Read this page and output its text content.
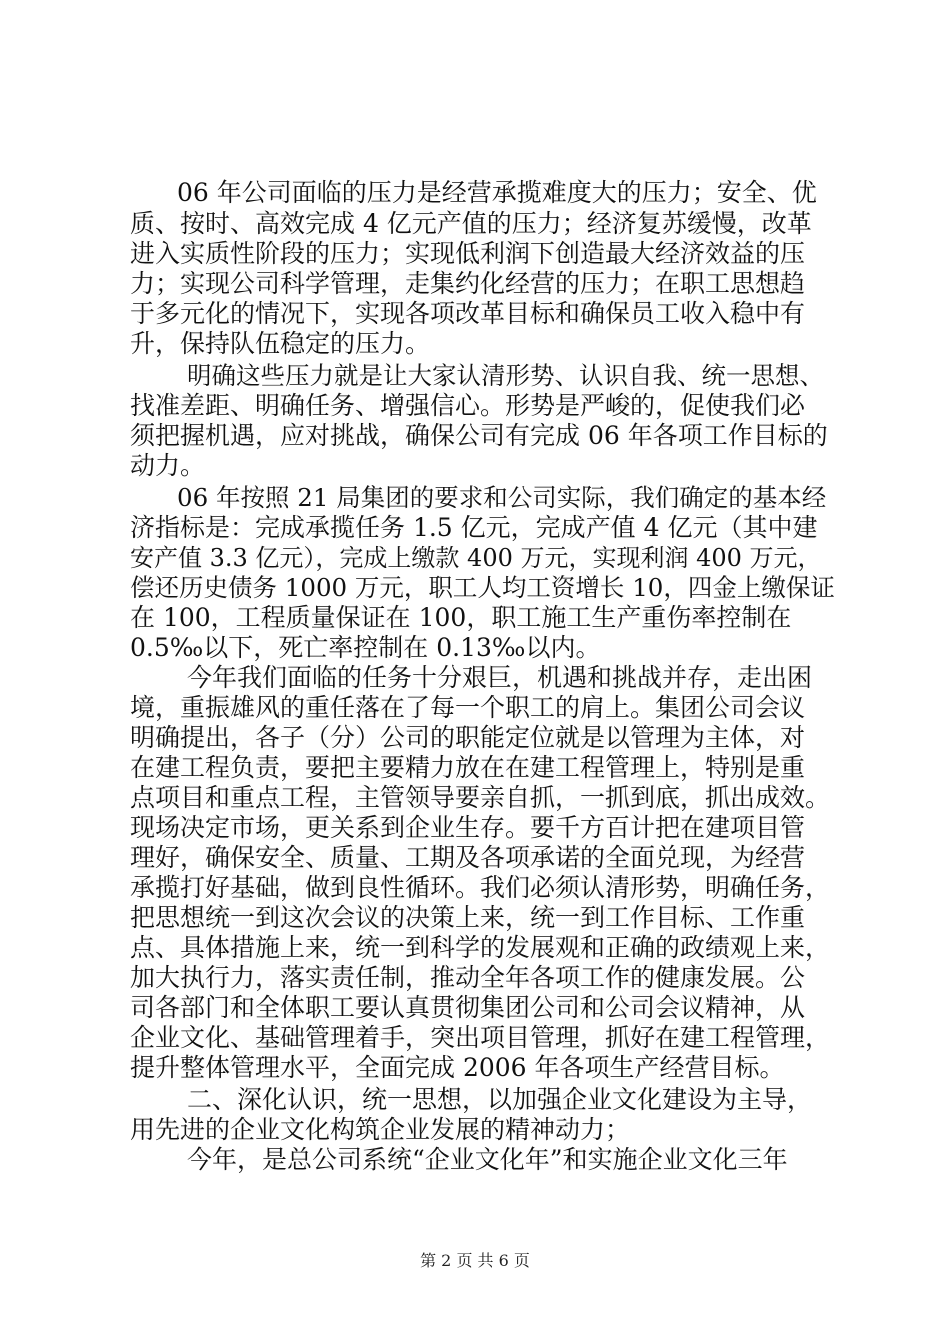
06 年公司面临的压力是经营承揽难度大的压力；安全、优
质、按时、高效完成 4 亿元产值的压力；经济复苏缓慢，改革
进入实质性阶段的压力；实现低利润下创造最大经济效益的压
力；实现公司科学管理，走集约化经营的压力；在职工思想趋
于多元化的情况下，实现各项改革目标和确保员工收入稳中有
升，保持队伍稳定的压力。
明确这些压力就是让大家认清形势、认识自我、统一思想、
找准差距、明确任务、增强信心。形势是严峻的，促使我们必
须把握机遇，应对挑战，确保公司有完成 06 年各项工作目标的
动力。
06 年按照 21 局集团的要求和公司实际，我们确定的基本经
济指标是：完成承揽任务 1.5 亿元，完成产值 4 亿元（其中建
安产值 3.3 亿元），完成上缴款 400 万元，实现利润 400 万元，
偿还历史债务 1000 万元，职工人均工资增长 10，四金上缴保证
在 100，工程质量保证在 100，职工施工生产重伤率控制在
0.5‰以下，死亡率控制在 0.13‰以内。
今年我们面临的任务十分艰巨，机遇和挑战并存，走出困
境，重振雄风的重任落在了每一个职工的肩上。集团公司会议
明确提出，各子（分）公司的职能定位就是以管理为主体，对
在建工程负责，要把主要精力放在在建工程管理上，特别是重
点项目和重点工程，主管领导要亲自抓，一抓到底，抓出成效。
现场决定市场，更关系到企业生存。要千方百计把在建项目管
理好，确保安全、质量、工期及各项承诺的全面兑现，为经营
承揽打好基础，做到良性循环。我们必须认清形势，明确任务，
把思想统一到这次会议的决策上来，统一到工作目标、工作重
点、具体措施上来，统一到科学的发展观和正确的政绩观上来，
加大执行力，落实责任制，推动全年各项工作的健康发展。公
司各部门和全体职工要认真贯彻集团公司和公司会议精神，从
企业文化、基础管理着手，突出项目管理，抓好在建工程管理，
提升整体管理水平，全面完成 2006 年各项生产经营目标。
二、深化认识，统一思想，以加强企业文化建设为主导，
用先进的企业文化构筑企业发展的精神动力；
今年，是总公司系统“企业文化年”和实施企业文化三年
第 2 页 共 6 页
